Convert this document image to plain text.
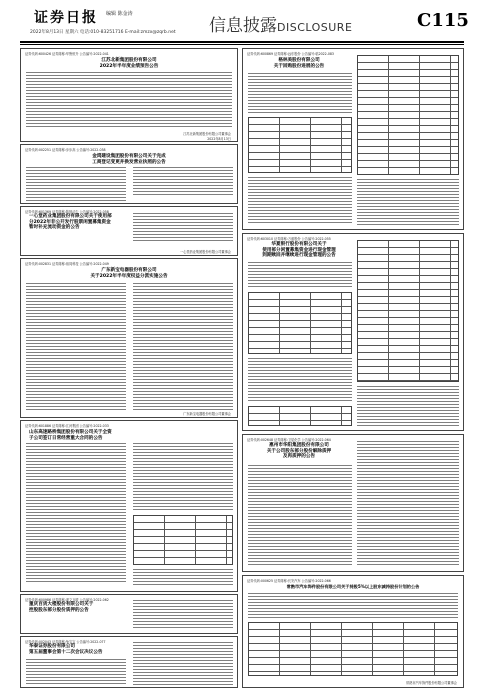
证券日报 编辑 陈金涛
2022年8月13日 星期六 电话:010-83251716 E-mail:zmzx@zqrb.net 信息披露DISCLOSURE	C115
证券代码:600426 证券简称:华鲁恒升 公告编号:2022-041
江苏北新集团股份有限公司
2022年半年度业绩预告公告
江苏北新集团股份有限公司董事会
2022年8月13日
证券代码:002251 证券简称:步步高 公告编号:2022-038
金鸿建设集团股份有限公司关于完成
工商登记变更并换发营业执照的公告
证券代码:601369 证券简称:陕鼓动力 公告编号:2022-058
一心堂药业集团股份有限公司关于使用部
分2022年非公开发行股票闲置募集资金
暂时补充流动资金的公告
一心堂药业集团股份有限公司董事会
证券代码:002831 证券简称:裕同科技 公告编号:2022-049
广东新宝电器股份有限公司
关于2022年半年度权益分派实施公告
广东新宝电器股份有限公司董事会
证券代码:601886 证券简称:江河集团 公告编号:2022-033
山东高速路桥集团股份有限公司关于全资
子公司签订日常经营重大合同的公告
证券代码:600986 证券简称:浙文互联 公告编号:2022-062
重庆百货大楼股份有限公司关于
控股股东部分股份质押的公告
证券代码:002043 证券简称:兔宝宝 公告编号:2022-077
华泰证券股份有限公司
第五届董事会第十二次会议决议公告
证券代码:600869 证券简称:远东股份 公告编号:临2022-083
格林美股份有限公司
关于回购股份进展的公告
证券代码:603010 证券简称:万盛股份 公告编号:2022-055
华夏银行股份有限公司关于
使用部分闲置募集资金进行现金管理
到期赎回并继续进行现金管理的公告
证券代码:002648 证券简称:卫星化学 公告编号:2022-064
惠州市华阳集团股份有限公司
关于公司股东部分股份解除质押
及再质押的公告
证券代码:000625 证券简称:长安汽车 公告编号:2022-066
常熟市汽车饰件股份有限公司关于持股5%以上股东减持股份计划的公告
常熟市汽车饰件股份有限公司董事会
